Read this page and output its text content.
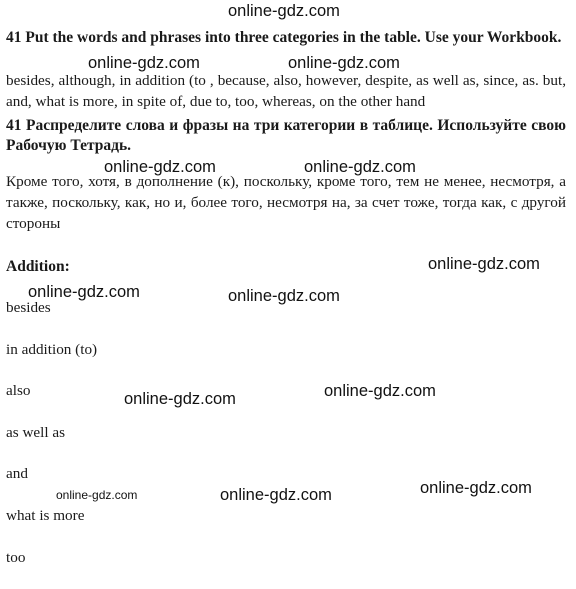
41 Put the words and phrases into three categories in the table. Use your Workbook.
besides, although, in addition (to , because, also, however, despite, as well as, since, as. but, and, what is more, in spite of, due to, too, whereas, on the other hand
41 Распределите слова и фразы на три категории в таблице. Используйте свою Рабочую Тетрадь.
Кроме того, хотя, в дополнение (к), поскольку, кроме того, тем не менее, несмотря, а также, поскольку, как, но и, более того, несмотря на, за счет тоже, тогда как, с другой стороны
Addition:
besides
in addition (to)
also
as well as
and
what is more
too
online-gdz.com
online-gdz.com	online-gdz.com
online-gdz.com	online-gdz.com
online-gdz.com
online-gdz.com	online-gdz.com
online-gdz.com
online-gdz.com
online-gdz.com
online-gdz.com	online-gdz.com
